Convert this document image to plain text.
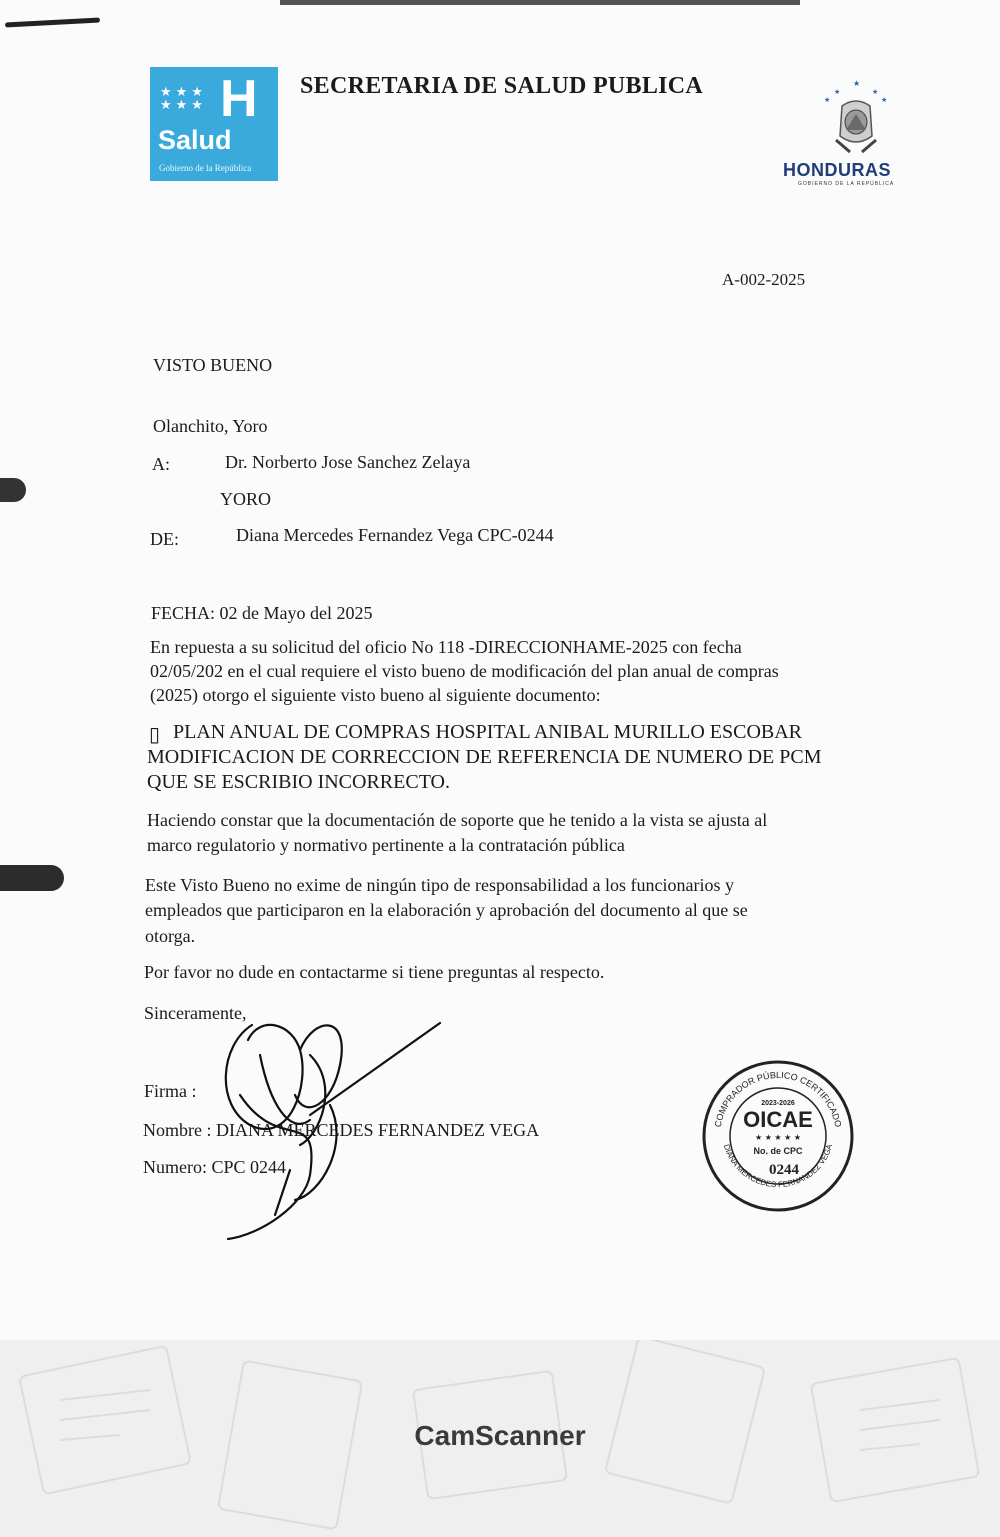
★★★
★★★ H
Salud
Gobierno de la República
SECRETARIA DE SALUD PUBLICA	★
★	★
★	★
HONDURAS
GOBIERNO DE LA REPÚBLICA
A-002-2025
VISTO BUENO
Olanchito, Yoro
A:	Dr. Norberto Jose Sanchez Zelaya
YORO
DE:	Diana Mercedes Fernandez Vega CPC-0244
FECHA: 02 de Mayo del 2025
En repuesta a su solicitud del oficio No 118 -DIRECCIONHAME-2025 con fecha
02/05/202 en el cual requiere el visto bueno de modificación del plan anual de compras
(2025) otorgo el siguiente visto bueno al siguiente documento:
▯ PLAN ANUAL DE COMPRAS HOSPITAL ANIBAL MURILLO ESCOBAR
MODIFICACION DE CORRECCION DE REFERENCIA DE NUMERO DE PCM
QUE SE ESCRIBIO INCORRECTO.
Haciendo constar que la documentación de soporte que he tenido a la vista se ajusta al
marco regulatorio y normativo pertinente a la contratación pública
Este Visto Bueno no exime de ningún tipo de responsabilidad a los funcionarios y
empleados que participaron en la elaboración y aprobación del documento al que se
otorga.
Por favor no dude en contactarme si tiene preguntas al respecto.
Sinceramente,
Firma :
Nombre : DIANA MERCEDES FERNANDEZ VEGA
Numero: CPC 0244
COMPRADOR PÚBLICO CERTIFICADO
DIANA MERCEDES FERNANDEZ VEGA
2023-2026
OICAE
★ ★ ★ ★ ★
No. de CPC
0244
CamScanner
